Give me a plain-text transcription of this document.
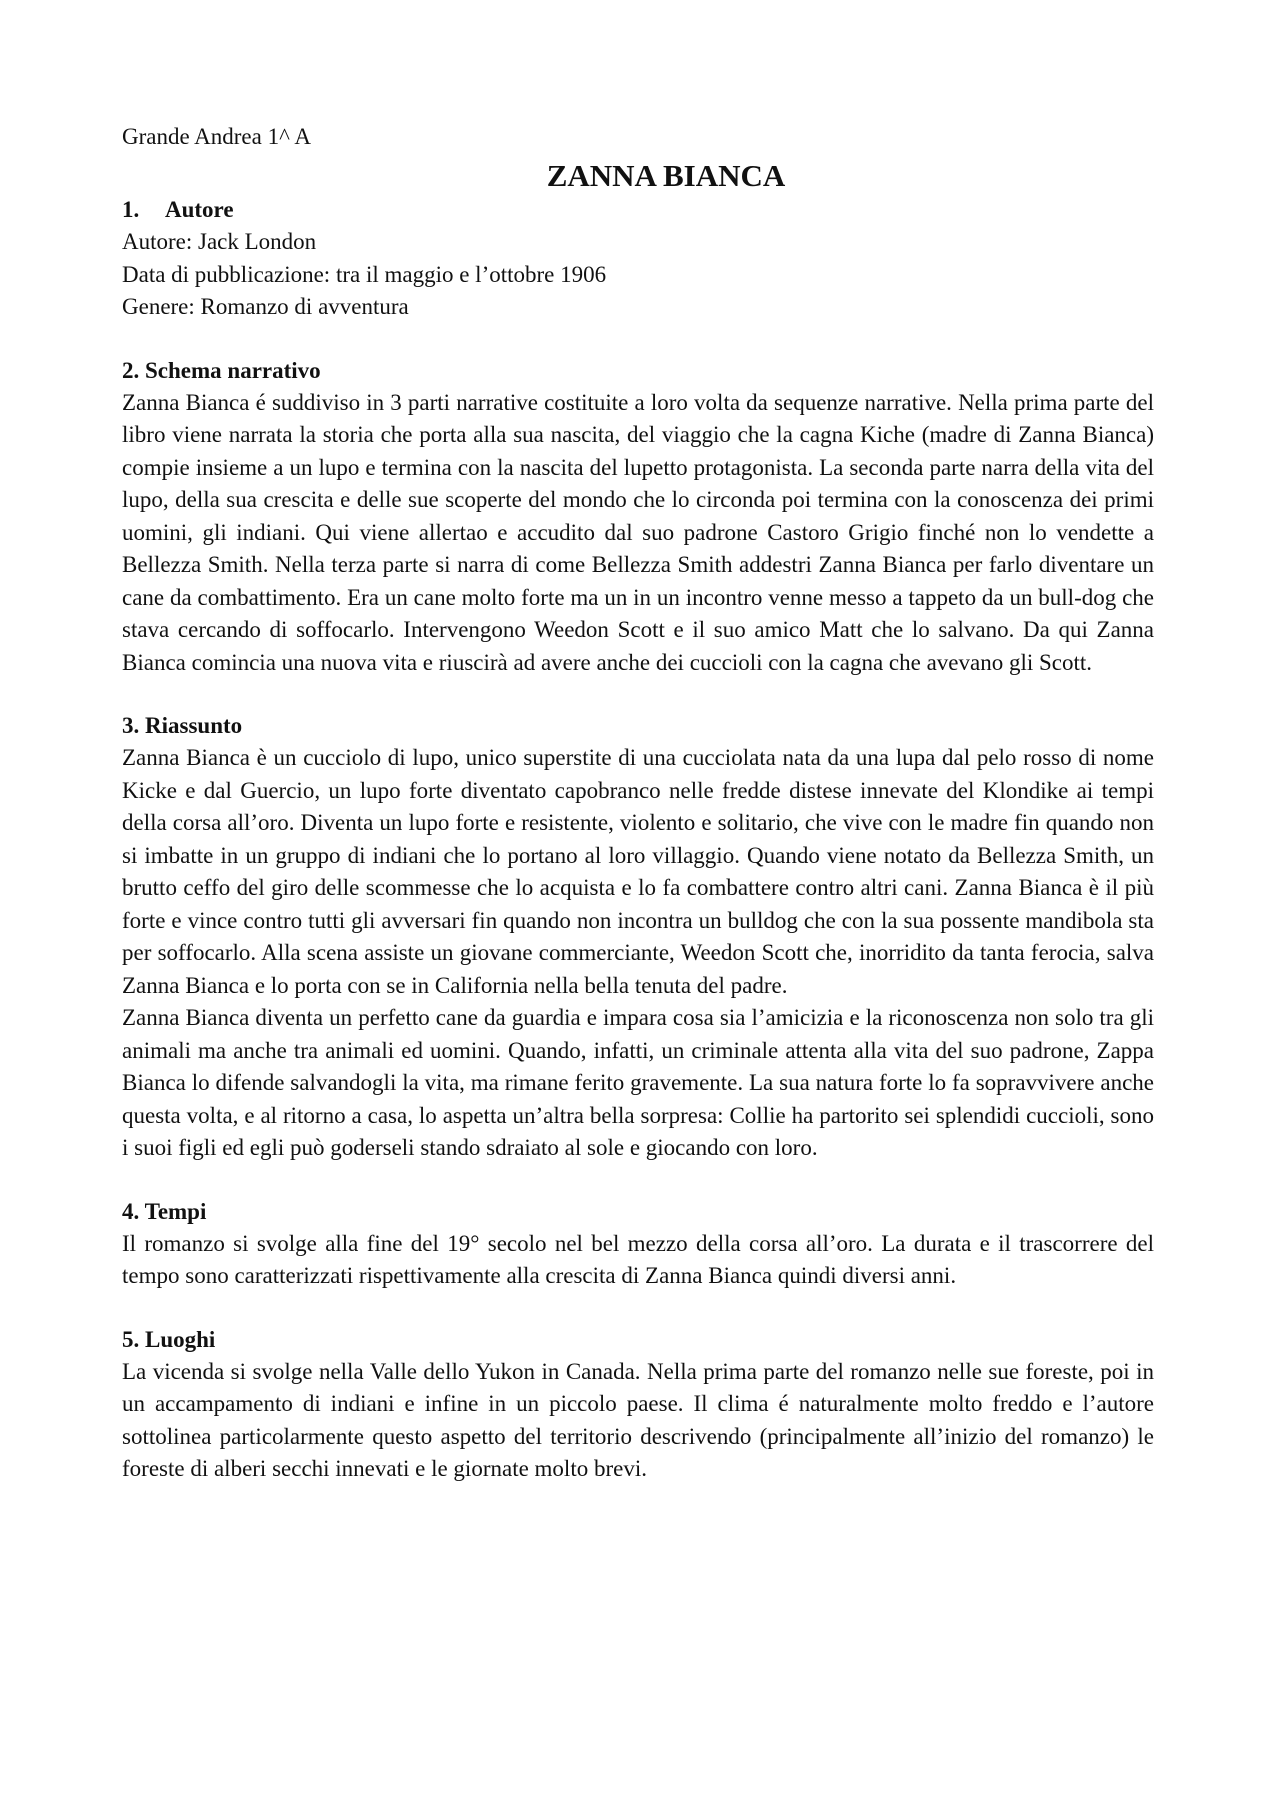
Grande Andrea 1^ A

ZANNA BIANCA
1. Autore

Autore: Jack London

Data di pubblicazione: tra il maggio e l’ottobre 1906

Genere: Romanzo di avventura

2. Schema narrativo

Zanna Bianca é suddiviso in 3 parti narrative costituite a loro volta da sequenze narrative. Nella prima parte del libro viene narrata la storia che porta alla sua nascita, del viaggio che la cagna Kiche (madre di Zanna Bianca) compie insieme a un lupo e termina con la nascita del lupetto protagonista. La seconda parte narra della vita del lupo, della sua crescita e delle sue scoperte del mondo che lo circonda poi termina con la conoscenza dei primi uomini, gli indiani. Qui viene allertao e accudito dal suo padrone Castoro Grigio finché non lo vendette a Bellezza Smith. Nella terza parte si narra di come Bellezza Smith addestri Zanna Bianca per farlo diventare un cane da combattimento. Era un cane molto forte ma un in un incontro venne messo a tappeto da un bull-dog che stava cercando di soffocarlo. Intervengono Weedon Scott e il suo amico Matt che lo salvano. Da qui Zanna Bianca comincia una nuova vita e riuscirà ad avere anche dei cuccioli con la cagna che avevano gli Scott.

3. Riassunto

Zanna Bianca è un cucciolo di lupo, unico superstite di una cucciolata nata da una lupa dal pelo rosso di nome Kicke e dal Guercio, un lupo forte diventato capobranco nelle fredde distese innevate del Klondike ai tempi della corsa all’oro. Diventa un lupo forte e resistente, violento e solitario, che vive con le madre fin quando non si imbatte in un gruppo di indiani che lo portano al loro villaggio. Quando viene notato da Bellezza Smith, un brutto ceffo del giro delle scommesse che lo acquista e lo fa combattere contro altri cani. Zanna Bianca è il più forte e vince contro tutti gli avversari fin quando non incontra un bulldog che con la sua possente mandibola sta per soffocarlo. Alla scena assiste un giovane commerciante, Weedon Scott che, inorridito da tanta ferocia, salva Zanna Bianca e lo porta con se in California nella bella tenuta del padre.

Zanna Bianca diventa un perfetto cane da guardia e impara cosa sia l’amicizia e la riconoscenza non solo tra gli animali ma anche tra animali ed uomini. Quando, infatti, un criminale attenta alla vita del suo padrone, Zappa Bianca lo difende salvandogli la vita, ma rimane ferito gravemente. La sua natura forte lo fa sopravvivere anche questa volta, e al ritorno a casa, lo aspetta un’altra bella sorpresa: Collie ha partorito sei splendidi cuccioli, sono i suoi figli ed egli può goderseli stando sdraiato al sole e giocando con loro.

4. Tempi

Il romanzo si svolge alla fine del 19° secolo nel bel mezzo della corsa all’oro. La durata e il trascorrere del tempo sono caratterizzati rispettivamente alla crescita di Zanna Bianca quindi diversi anni.

5. Luoghi

La vicenda si svolge nella Valle dello Yukon in Canada. Nella prima parte del romanzo nelle sue foreste, poi in un accampamento di indiani e infine in un piccolo paese. Il clima é naturalmente molto freddo e l’autore sottolinea particolarmente questo aspetto del territorio descrivendo (principalmente all’inizio del romanzo) le foreste di alberi secchi innevati e le giornate molto brevi.
